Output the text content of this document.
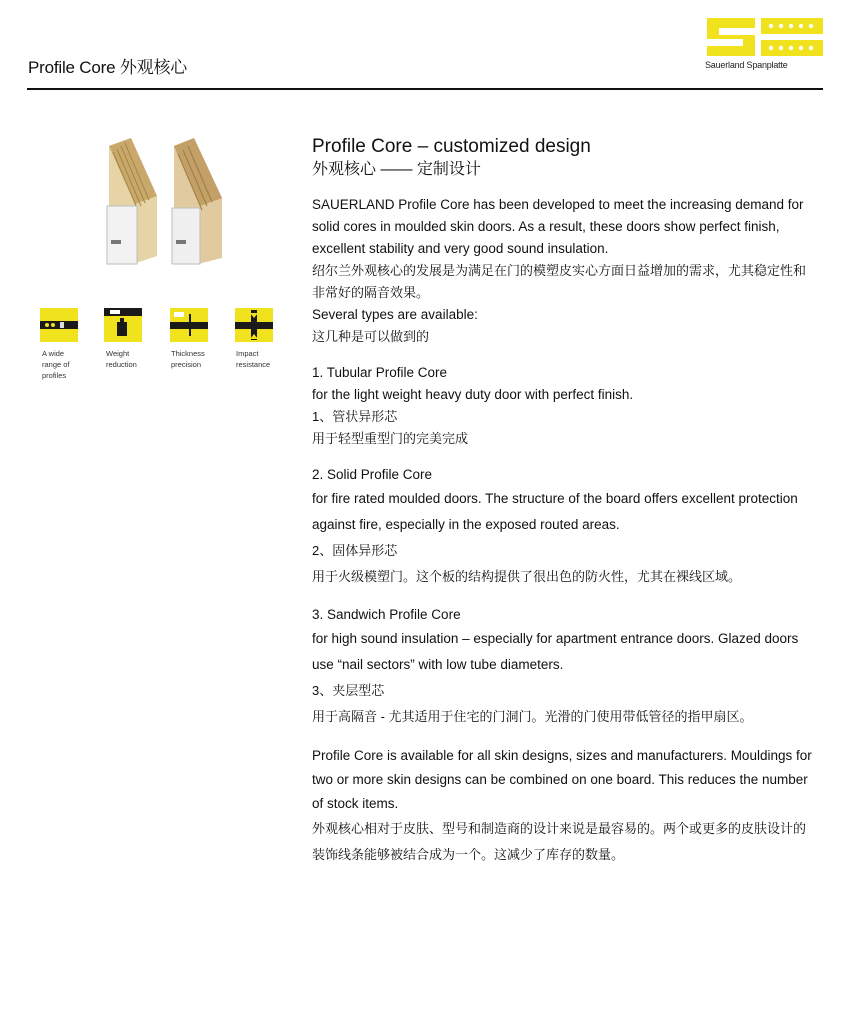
Profile Core 外观核心	Sauerland Spanplatte
A wide range of profiles
Weight reduction
Thickness precision
Impact resistance
Profile Core – customized design
外观核心 —— 定制设计

SAUERLAND Profile Core has been developed to meet the increasing demand for solid cores in moulded skin doors. As a result, these doors show perfect finish, excellent stability and very good sound insulation.

绍尔兰外观核心的发展是为满足在门的模塑皮实心方面日益增加的需求，尤其稳定性和非常好的隔音效果。

Several types are available:

这几种是可以做到的

1. Tubular Profile Core

for the light weight heavy duty door with perfect finish.

1、管状异形芯

用于轻型重型门的完美完成

2. Solid Profile Core

for fire rated moulded doors. The structure of the board offers excellent protection against fire, especially in the exposed routed areas.

2、固体异形芯

用于火级模塑门。这个板的结构提供了很出色的防火性，尤其在裸线区域。

3. Sandwich Profile Core

for high sound insulation – especially for apartment entrance doors. Glazed doors use “nail sectors” with low tube diameters.

3、夹层型芯

用于高隔音 - 尤其适用于住宅的门洞门。光滑的门使用带低管径的指甲扇区。

Profile Core is available for all skin designs, sizes and manufacturers. Mouldings for two or more skin designs can be combined on one board. This reduces the number of stock items.

外观核心相对于皮肤、型号和制造商的设计来说是最容易的。两个或更多的皮肤设计的装饰线条能够被结合成为一个。这减少了库存的数量。
